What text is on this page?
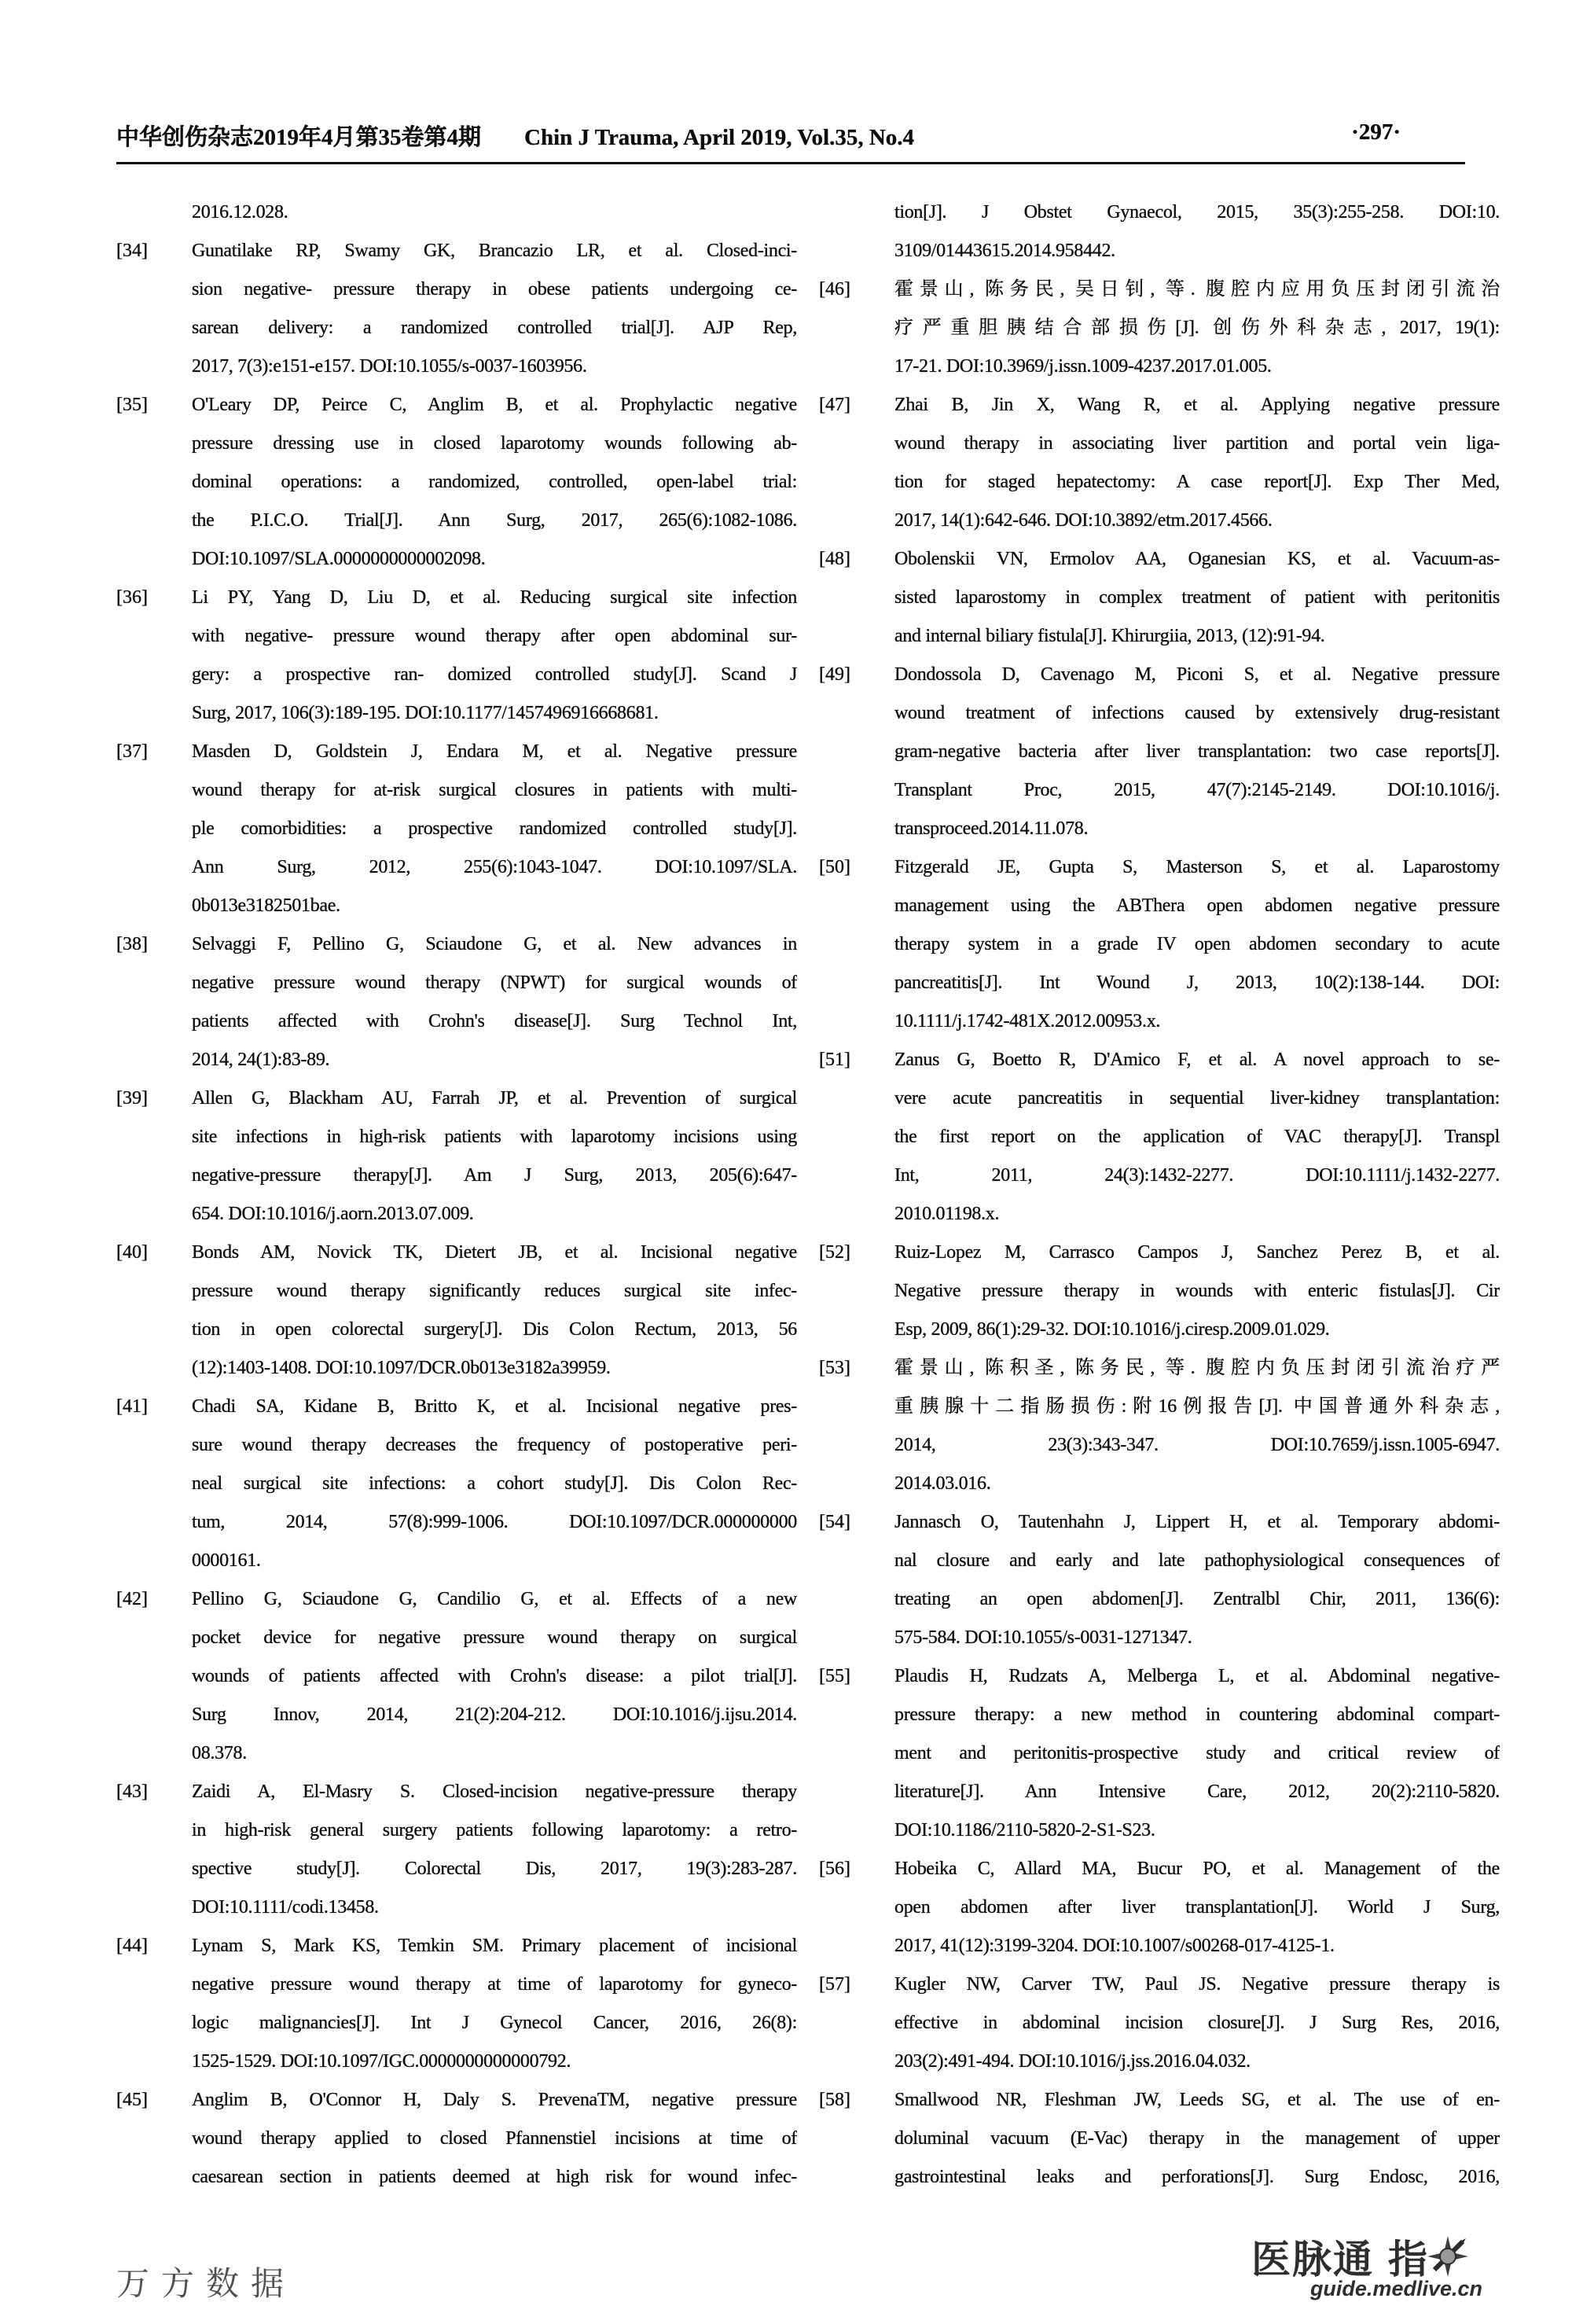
中华创伤杂志2019年4月第35卷第4期 Chin J Trauma, April 2019, Vol.35, No.4	·297·
2016.12.028.
[34] Gunatilake RP, Swamy GK, Brancazio LR, et al. Closed-inci-
sion negative- pressure therapy in obese patients undergoing ce-
sarean delivery: a randomized controlled trial[J]. AJP Rep,
2017, 7(3):e151-e157. DOI:10.1055/s-0037-1603956.
[35] O'Leary DP, Peirce C, Anglim B, et al. Prophylactic negative
pressure dressing use in closed laparotomy wounds following ab-
dominal operations: a randomized, controlled, open-label trial:
the P.I.C.O. Trial[J]. Ann Surg, 2017, 265(6):1082-1086.
DOI:10.1097/SLA.0000000000002098.
[36] Li PY, Yang D, Liu D, et al. Reducing surgical site infection
with negative- pressure wound therapy after open abdominal sur-
gery: a prospective ran- domized controlled study[J]. Scand J
Surg, 2017, 106(3):189-195. DOI:10.1177/1457496916668681.
[37] Masden D, Goldstein J, Endara M, et al. Negative pressure
wound therapy for at-risk surgical closures in patients with multi-
ple comorbidities: a prospective randomized controlled study[J].
Ann Surg, 2012, 255(6):1043-1047. DOI:10.1097/SLA.
0b013e3182501bae.
[38] Selvaggi F, Pellino G, Sciaudone G, et al. New advances in
negative pressure wound therapy (NPWT) for surgical wounds of
patients affected with Crohn's disease[J]. Surg Technol Int,
2014, 24(1):83-89.
[39] Allen G, Blackham AU, Farrah JP, et al. Prevention of surgical
site infections in high-risk patients with laparotomy incisions using
negative-pressure therapy[J]. Am J Surg, 2013, 205(6):647-
654. DOI:10.1016/j.aorn.2013.07.009.
[40] Bonds AM, Novick TK, Dietert JB, et al. Incisional negative
pressure wound therapy significantly reduces surgical site infec-
tion in open colorectal surgery[J]. Dis Colon Rectum, 2013, 56
(12):1403-1408. DOI:10.1097/DCR.0b013e3182a39959.
[41] Chadi SA, Kidane B, Britto K, et al. Incisional negative pres-
sure wound therapy decreases the frequency of postoperative peri-
neal surgical site infections: a cohort study[J]. Dis Colon Rec-
tum, 2014, 57(8):999-1006. DOI:10.1097/DCR.000000000
0000161.
[42] Pellino G, Sciaudone G, Candilio G, et al. Effects of a new
pocket device for negative pressure wound therapy on surgical
wounds of patients affected with Crohn's disease: a pilot trial[J].
Surg Innov, 2014, 21(2):204-212. DOI:10.1016/j.ijsu.2014.
08.378.
[43] Zaidi A, El-Masry S. Closed-incision negative-pressure therapy
in high-risk general surgery patients following laparotomy: a retro-
spective study[J]. Colorectal Dis, 2017, 19(3):283-287.
DOI:10.1111/codi.13458.
[44] Lynam S, Mark KS, Temkin SM. Primary placement of incisional
negative pressure wound therapy at time of laparotomy for gyneco-
logic malignancies[J]. Int J Gynecol Cancer, 2016, 26(8):
1525-1529. DOI:10.1097/IGC.0000000000000792.
[45] Anglim B, O'Connor H, Daly S. PrevenaTM, negative pressure
wound therapy applied to closed Pfannenstiel incisions at time of
caesarean section in patients deemed at high risk for wound infec-
tion[J]. J Obstet Gynaecol, 2015, 35(3):255-258. DOI:10.
3109/01443615.2014.958442.
[46] 霍景山, 陈务民, 吴日钊, 等. 腹腔内应用负压封闭引流治
疗严重胆胰结合部损伤[J]. 创伤外科杂志, 2017, 19(1):
17-21. DOI:10.3969/j.issn.1009-4237.2017.01.005.
[47] Zhai B, Jin X, Wang R, et al. Applying negative pressure
wound therapy in associating liver partition and portal vein liga-
tion for staged hepatectomy: A case report[J]. Exp Ther Med,
2017, 14(1):642-646. DOI:10.3892/etm.2017.4566.
[48] Obolenskii VN, Ermolov AA, Oganesian KS, et al. Vacuum-as-
sisted laparostomy in complex treatment of patient with peritonitis
and internal biliary fistula[J]. Khirurgiia, 2013, (12):91-94.
[49] Dondossola D, Cavenago M, Piconi S, et al. Negative pressure
wound treatment of infections caused by extensively drug-resistant
gram-negative bacteria after liver transplantation: two case reports[J].
Transplant Proc, 2015, 47(7):2145-2149. DOI:10.1016/j.
transproceed.2014.11.078.
[50] Fitzgerald JE, Gupta S, Masterson S, et al. Laparostomy
management using the ABThera open abdomen negative pressure
therapy system in a grade IV open abdomen secondary to acute
pancreatitis[J]. Int Wound J, 2013, 10(2):138-144. DOI:
10.1111/j.1742-481X.2012.00953.x.
[51] Zanus G, Boetto R, D'Amico F, et al. A novel approach to se-
vere acute pancreatitis in sequential liver-kidney transplantation:
the first report on the application of VAC therapy[J]. Transpl
Int, 2011, 24(3):1432-2277. DOI:10.1111/j.1432-2277.
2010.01198.x.
[52] Ruiz-Lopez M, Carrasco Campos J, Sanchez Perez B, et al.
Negative pressure therapy in wounds with enteric fistulas[J]. Cir
Esp, 2009, 86(1):29-32. DOI:10.1016/j.ciresp.2009.01.029.
[53] 霍景山, 陈积圣, 陈务民, 等. 腹腔内负压封闭引流治疗严
重胰腺十二指肠损伤:附16例报告[J]. 中国普通外科杂志,
2014, 23(3):343-347. DOI:10.7659/j.issn.1005-6947.
2014.03.016.
[54] Jannasch O, Tautenhahn J, Lippert H, et al. Temporary abdomi-
nal closure and early and late pathophysiological consequences of
treating an open abdomen[J]. Zentralbl Chir, 2011, 136(6):
575-584. DOI:10.1055/s-0031-1271347.
[55] Plaudis H, Rudzats A, Melberga L, et al. Abdominal negative-
pressure therapy: a new method in countering abdominal compart-
ment and peritonitis-prospective study and critical review of
literature[J]. Ann Intensive Care, 2012, 20(2):2110-5820.
DOI:10.1186/2110-5820-2-S1-S23.
[56] Hobeika C, Allard MA, Bucur PO, et al. Management of the
open abdomen after liver transplantation[J]. World J Surg,
2017, 41(12):3199-3204. DOI:10.1007/s00268-017-4125-1.
[57] Kugler NW, Carver TW, Paul JS. Negative pressure therapy is
effective in abdominal incision closure[J]. J Surg Res, 2016,
203(2):491-494. DOI:10.1016/j.jss.2016.04.032.
[58] Smallwood NR, Fleshman JW, Leeds SG, et al. The use of en-
doluminal vacuum (E-Vac) therapy in the management of upper
gastrointestinal leaks and perforations[J]. Surg Endosc, 2016,
万方数据
医脉通 指
guide.medlive.cn
